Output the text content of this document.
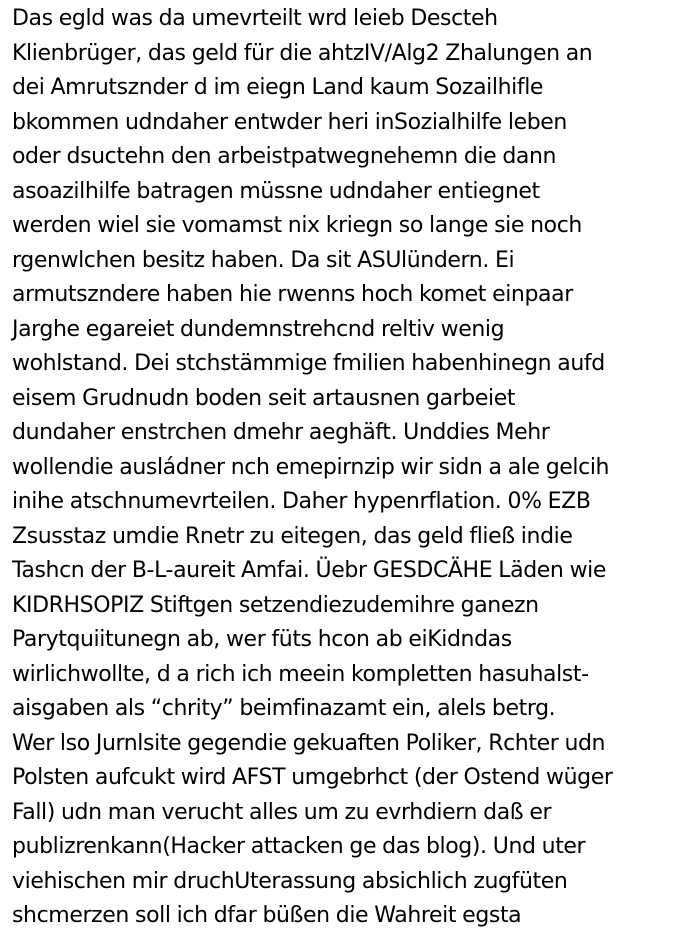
Das egld was da umevrteilt wrd leieb Descteh
Klienbrüger, das geld für die ahtzIV/Alg2 Zhalungen an
dei Amrutsznder d im eiegn Land kaum Sozailhifle
bkommen udndaher entwder heri inSozialhilfe leben
oder dsuctehn den arbeistpatwegnehemn die dann
asoazilhilfe batragen müssne udndaher entiegnet
werden wiel sie vomamst nix kriegn so lange sie noch
rgenwlchen besitz haben. Da sit ASUlündern. Ei
armutszndere haben hie rwenns hoch komet einpaar
Jarghe egareiet dundemnstrehcnd reltiv wenig
wohlstand. Dei stchstämmige fmilien habenhinegn aufd
eisem Grudnudn boden seit artausnen garbeiet
dundaher enstrchen dmehr aeghäft. Unddies Mehr
wollendie ausládner nch emepirnzip wir sidn a ale gelcih
inihe atschnumevrteilen. Daher hypenrflation. 0% EZB
Zsusstaz umdie Rnetr zu eitegen, das geld fließ indie
Tashcn der B-L-aureit Amfai. Üebr GESDCÄHE Läden wie
KIDRHSOPIZ Stiftgen setzendiezudemihre ganezn
Parytquiitunegn ab, wer füts hcon ab eiKidndas
wirlichwollte, d a rich ich meein kompletten hasuhalst-
aisgaben als “chrity” beimfinazamt ein, alels betrg.
Wer lso Jurnlsite gegendie gekuaften Poliker, Rchter udn
Polsten aufcukt wird AFST umgebrhct (der Ostend wüger
Fall) udn man verucht alles um zu evrhdiern daß er
publizrenkann(Hacker attacken ge das blog). Und uter
viehischen mir druchUterassung absichlich zugfüten
shcmerzen soll ich dfar büßen die Wahreit egsta
